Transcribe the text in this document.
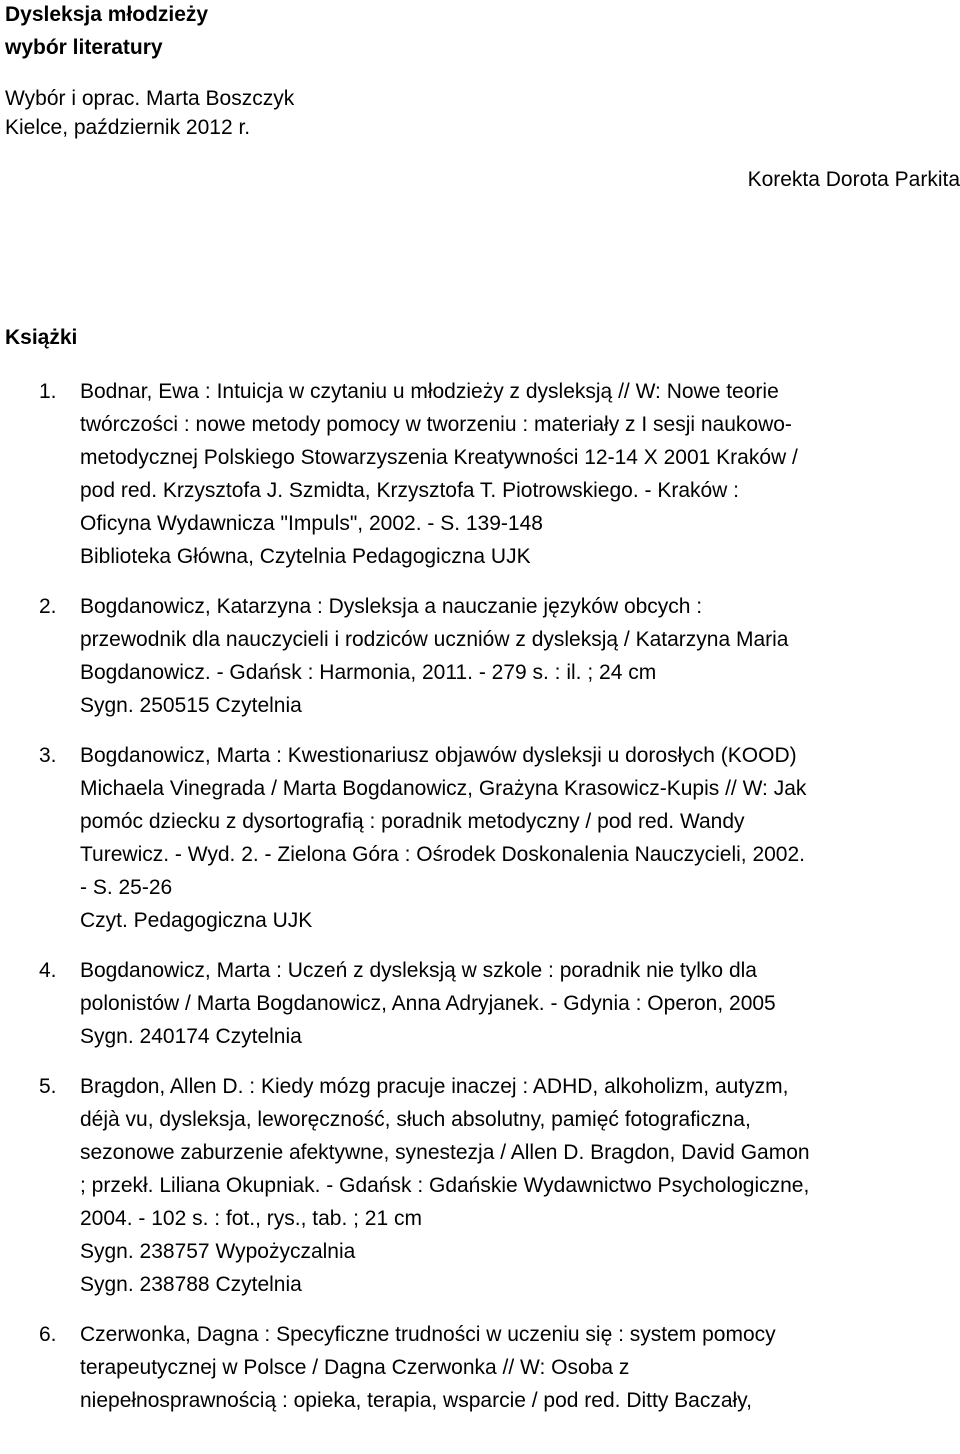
Dysleksja młodzieży
wybór literatury
Wybór i oprac. Marta Boszczyk
Kielce, październik 2012 r.
Korekta Dorota Parkita
Książki
1. Bodnar, Ewa : Intuicja w czytaniu u młodzieży z dysleksją // W: Nowe teorie
twórczości : nowe metody pomocy w tworzeniu : materiały z I sesji naukowo-
metodycznej Polskiego Stowarzyszenia Kreatywności 12-14 X 2001 Kraków /
pod red. Krzysztofa J. Szmidta, Krzysztofa T. Piotrowskiego. - Kraków :
Oficyna Wydawnicza "Impuls", 2002. - S. 139-148
Biblioteka Główna, Czytelnia Pedagogiczna UJK
2. Bogdanowicz, Katarzyna : Dysleksja a nauczanie języków obcych :
przewodnik dla nauczycieli i rodziców uczniów z dysleksją / Katarzyna Maria
Bogdanowicz. - Gdańsk : Harmonia, 2011. - 279 s. : il. ; 24 cm
Sygn. 250515 Czytelnia
3. Bogdanowicz, Marta : Kwestionariusz objawów dysleksji u dorosłych (KOOD)
Michaela Vinegrada / Marta Bogdanowicz, Grażyna Krasowicz-Kupis // W: Jak
pomóc dziecku z dysortografią : poradnik metodyczny / pod red. Wandy
Turewicz. - Wyd. 2. - Zielona Góra : Ośrodek Doskonalenia Nauczycieli, 2002.
- S. 25-26
Czyt. Pedagogiczna UJK
4. Bogdanowicz, Marta : Uczeń z dysleksją w szkole : poradnik nie tylko dla
polonistów / Marta Bogdanowicz, Anna Adryjanek. - Gdynia : Operon, 2005
Sygn. 240174 Czytelnia
5. Bragdon, Allen D. : Kiedy mózg pracuje inaczej : ADHD, alkoholizm, autyzm,
déjà vu, dysleksja, leworęczność, słuch absolutny, pamięć fotograficzna,
sezonowe zaburzenie afektywne, synestezja / Allen D. Bragdon, David Gamon
; przekł. Liliana Okupniak. - Gdańsk : Gdańskie Wydawnictwo Psychologiczne,
2004. - 102 s. : fot., rys., tab. ; 21 cm
Sygn. 238757 Wypożyczalnia
Sygn. 238788 Czytelnia
6. Czerwonka, Dagna : Specyficzne trudności w uczeniu się : system pomocy
terapeutycznej w Polsce / Dagna Czerwonka // W: Osoba z
niepełnosprawnością : opieka, terapia, wsparcie / pod red. Ditty Baczały,
